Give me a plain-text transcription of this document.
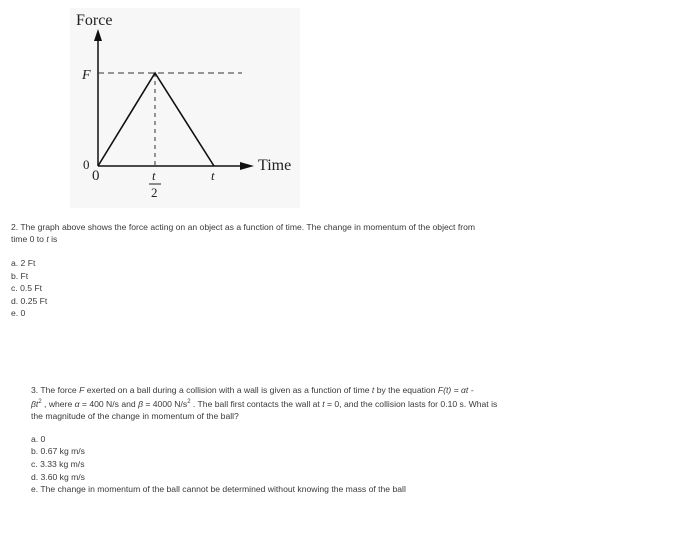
Force
Time
F
0
0	t
2
t
2. The graph above shows the force acting on an object as a function of time. The change in momentum of the object from
time 0 to t is
a. 2 Ft
b. Ft
c. 0.5 Ft
d. 0.25 Ft
e. 0
3. The force F exerted on a ball during a collision with a wall is given as a function of time t by the equation F(t) = αt -
$\beta t^2$ , where α = 400 N/s and β = 4000 $N/s^2$ . The ball first contacts the wall at t = 0, and the collision lasts for 0.10 s. What is
the magnitude of the change in momentum of the ball?
a. 0
b. 0.67 kg m/s
c. 3.33 kg m/s
d. 3.60 kg m/s
e. The change in momentum of the ball cannot be determined without knowing the mass of the ball
